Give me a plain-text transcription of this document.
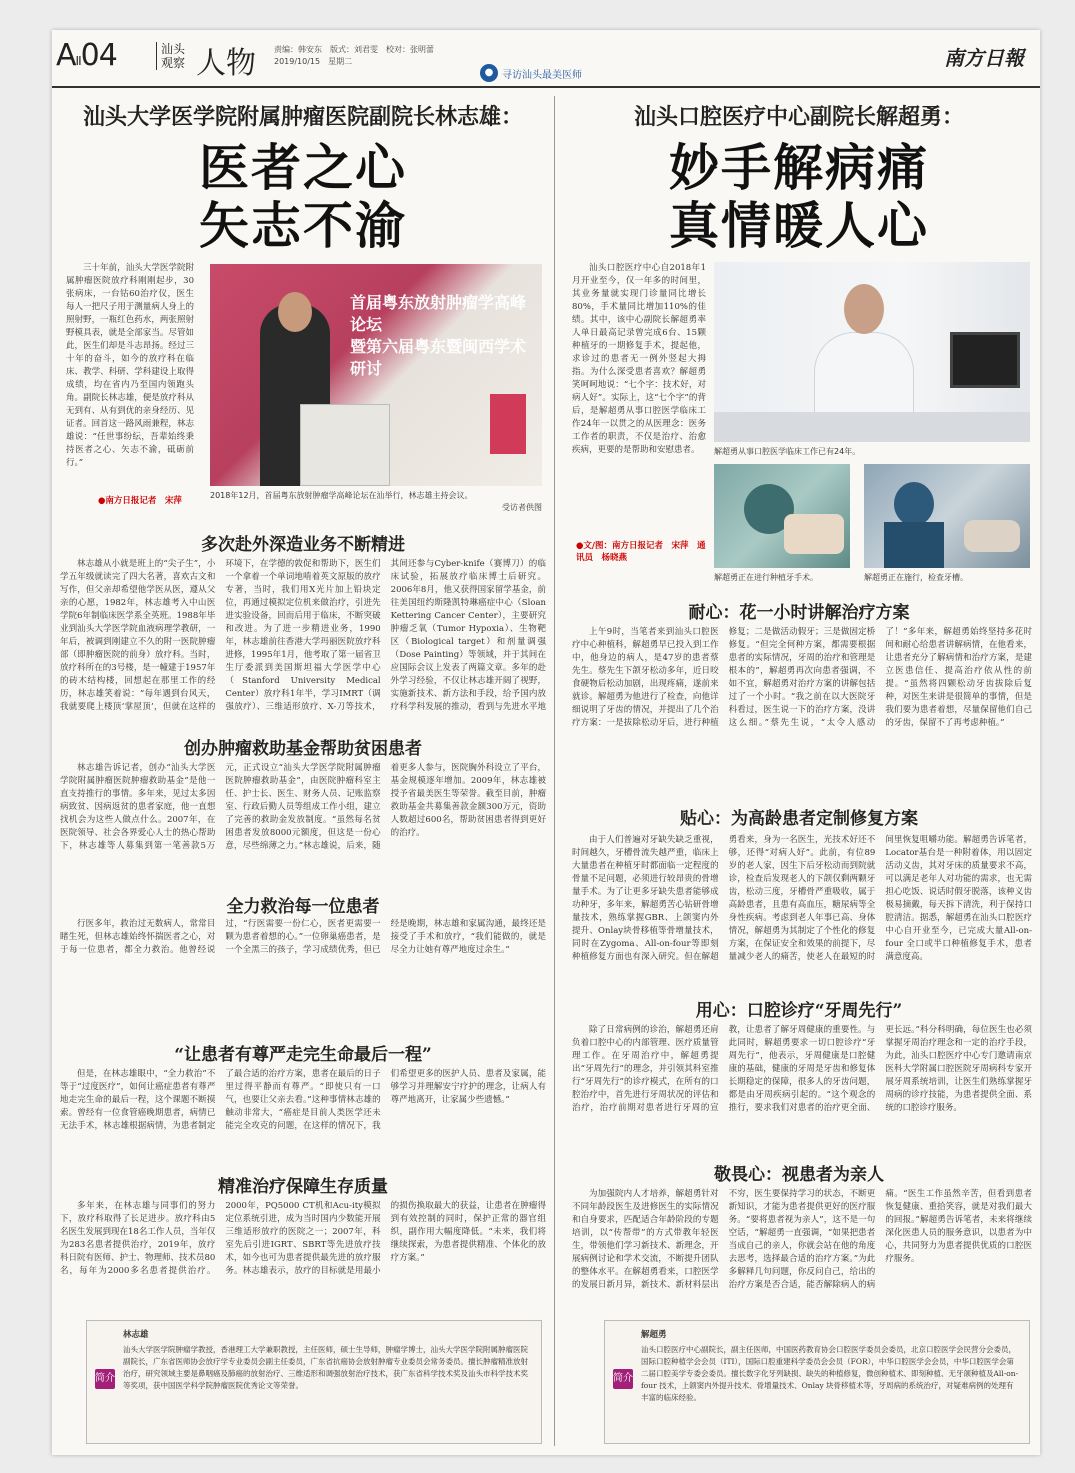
AII04	汕头观察 人物 责编：韩安东　版式：刘君雯　校对：张明蕾
2019/10/15　星期二
● 寻访汕头最美医师
南方日報
汕头大学医学院附属肿瘤医院副院长林志雄：
医者之心
矢志不渝

三十年前，汕头大学医学院附属肿瘤医院放疗科刚刚起步，30张病床，一台钴60治疗仪，医生每人一把尺子用于测量病人身上的照射野，一瓶红色药水，两张照射野模具表，就是全部家当。尽管如此，医生们却是斗志昂扬。经过三十年的奋斗，如今的放疗科在临床、教学、科研、学科建设上取得成绩，均在省内乃至国内领跑头角。副院长林志雄，便是放疗科从无到有、从有到优的亲身经历、见证者。回首这一路风雨兼程，林志雄说：“任世事纷纭，吾辈始终秉持医者之心、矢志不渝，砥砺前行。”

●南方日报记者　宋萍
首届粤东放射肿瘤学高峰论坛
暨第六届粤东暨闽西学术研讨
2018年12月，首届粤东放射肿瘤学高峰论坛在汕举行，林志雄主持会议。
受访者供图
多次赴外深造业务不断精进

林志雄从小就是班上的“尖子生”，小学五年级就读完了四大名著，喜欢古文和写作，但父亲却希望他学医从医，遵从父亲的心愿，1982年，林志雄考入中山医学院6年制临床医学系全英班。1988年毕业到汕头大学医学院血液病理学教研，一年后，被调到刚建立不久的附一医院肿瘤部（即肿瘤医院的前身）放疗科。当时，放疗科所在的3号楼，是一幢建于1957年的砖木结构楼，回想起在那里工作的经历，林志雄笑着说：“每年遇到台风天，我就要爬上楼顶‘掌屋顶’，但就在这样的环境下，在学德的敦促和帮助下，医生们一个拿着一个单词地啃着英文原版的放疗专著，当时，我们用X光片加上铅块定位，再通过模拟定位机来做治疗，引进先进实验设备，回而后用于临床，不断突破和改进。为了进一步精进业务，1990年，林志雄前往香港大学玛丽医院放疗科进修，1995年1月，他考取了第一届省卫生厅委派到美国斯坦福大学医学中心（Stanford University Medical Center）放疗科1年半，学习IMRT（调强放疗）、三维适形放疗、X-刀等技术，其间还参与Cyber-knife（赛博刀）的临床试验，拓展放疗临床博士后研究。2006年8月，他又获得国家留学基金，前往美国纽约斯隆凯特琳癌症中心（Sloan Kettering Cancer Center），主要研究肿瘤乏氧（Tumor Hypoxia）、生物靶区（Biological target）和剂量调强（Dose Painting）等领域，并于其间在应国际会议上发表了两篇文章。多年的赴外学习经验，不仅让林志雄开阔了视野，实施新技术、新方法和手段，给予国内放疗科学科发展的推动，看到与先进水平地

创办肿瘤救助基金帮助贫困患者

林志雄告诉记者，创办“汕头大学医学院附属肿瘤医院肿瘤救助基金”是他一直支持推行的事情。多年来，见过太多因病致贫、因病返贫的患者家庭，他一直想找机会为这些人做点什么。2007年，在医院领导、社会各界爱心人士的热心帮助下，林志雄等人募集到第一笔善款5万元，正式设立“汕头大学医学院附属肿瘤医院肿瘤救助基金”，由医院肿瘤科室主任、护士长、医生、财务人员、记账监察室、行政后勤人员等组成工作小组，建立了完善的救助金发放制度。“虽然每名贫困患者发放8000元额度，但这是一份心意，尽些绵薄之力。”林志雄说，后来，随着更多人参与，医院胸外科设立了平台，基金规模逐年增加。2009年，林志雄被授予省最美医生等荣誉。截至目前，肿瘤救助基金共募集善款金额300万元，资助人数超过600名，帮助贫困患者得到更好的治疗。

全力救治每一位患者

行医多年，救治过无数病人，常常目睹生死，但林志雄始终怀揣医者之心，对于每一位患者，都全力救治。他曾经说过，“行医需要一份仁心，医者更需要一颗为患者着想的心。”一位卵巢癌患者，是一个全黑三的孩子，学习成绩优秀，但已经是晚期，林志雄和家属沟通，最终还是接受了手术和放疗，“我们能做的，就是尽全力让她有尊严地度过余生。”

“让患者有尊严走完生命最后一程”

但是，在林志雄眼中，“全力救治”不等于“过度医疗”，如何让癌症患者有尊严地走完生命的最后一程，这个课题不断摸索。曾经有一位食管癌晚期患者，病情已无法手术，林志雄根据病情，为患者制定了最合适的治疗方案，患者在最后的日子里过得平静而有尊严。“即使只有一口气，也要让父亲去看。”这种事情林志雄的触动非常大，“癌症是目前人类医学还未能完全攻克的问题，在这样的情况下，我们希望更多的医护人员、患者及家属，能够学习并理解安宁疗护的理念，让病人有尊严地离开，让家属少些遗憾。”

精准治疗保障生存质量

多年来，在林志雄与同事们的努力下，放疗科取得了长足进步。放疗科由5名医生发展到现在18名工作人员，当年仅为283名患者提供治疗，2019年，放疗科日院有医师、护士、物理师、技术员80名，每年为2000多名患者提供治疗。2000年，PQ5000 CT机和Acu-ity模拟定位系统引进，成为当时国内少数能开展三维适形放疗的医院之一；2007年，科室先后引进IGRT、SBRT等先进放疗技术，如今也可为患者提供最先进的放疗服务。林志雄表示，放疗的目标就是用最小的损伤换取最大的获益，让患者在肿瘤得到有效控制的同时，保护正常的器官组织，副作用大幅度降低。“未来，我们将继续探索，为患者提供精准、个体化的放疗方案。”

简介
林志雄
汕头大学医学院肿瘤学教授，香港理工大学兼职教授，主任医师，硕士生导师，肿瘤学博士，汕头大学医学院附属肿瘤医院副院长，广东省医师协会放疗学专业委员会副主任委员，广东省抗癌协会放射肿瘤专业委员会常务委员。擅长肿瘤精准放射治疗，研究领域主要是鼻咽癌及肺癌的放射治疗、三维适形和调强放射治疗技术，获广东省科学技术奖及汕头市科学技术奖等奖项，获中国医学科学院肿瘤医院优秀论文等荣誉。
汕头口腔医疗中心副院长解超勇：
妙手解病痛
真情暖人心

汕头口腔医疗中心自2018年1月开业至今，仅一年多的时间里，其业务量就实现门诊量同比增长80%，手术量同比增加110%的佳绩。其中，该中心副院长解超勇率人单日最高记录曾完成6台、15颗种植牙的一期修复手术，提起他，求诊过的患者无一例外竖起大拇指。为什么深受患者喜欢？解超勇笑呵呵地说：“七个字：技术好，对病人好”。实际上，这“七个字”的背后，是解超勇从事口腔医学临床工作24年一以贯之的从医理念：医务工作者的职责，不仅是治疗、治愈疾病，更要的是帮助和安慰患者。

●文/图：南方日报记者　宋萍　通讯员　杨晓燕
解超勇从事口腔医学临床工作已有24年。
解超勇正在进行种植牙手术。	解超勇正在施行，检查牙槽。
耐心：花一小时讲解治疗方案

上午9时，当笔者来到汕头口腔医疗中心种植科，解超勇早已投入到工作中，他身边的病人，是47岁的患者蔡先生。蔡先生下颌牙松动多年，近日咬食硬物后松动加剧，出现疼痛，遂前来就诊。解超勇为他进行了检查，向他详细说明了牙齿的情况，并提出了几个治疗方案：一是拔除松动牙后，进行种植修复；二是做活动假牙；三是做固定桥修复。“但完全何种方案，都需要根据患者的实际情况，牙周的治疗和管理是根本的”，解超勇再次向患者强调，不如不宜，解超勇对治疗方案的讲解包括过了一个小时。“我之前在以大医院牙科看过，医生说一下的治疗方案，没讲这么细。”蔡先生说，“太令人感动了！”多年来，解超勇始终坚持多花时间和耐心给患者讲解病情，在他看来，让患者充分了解病情和治疗方案，是建立医患信任、提高治疗依从性的前提。“虽然将四颗松动牙齿拔除后复种，对医生来讲是很简单的事情，但是我们要为患者着想，尽量保留他们自己的牙齿，保留不了再考虑种植。”

贴心：为高龄患者定制修复方案

由于人们普遍对牙缺失缺乏重视，时间越久，牙槽骨流失越严重，临床上大量患者在种植牙时都面临一定程度的骨量不足问题，必须进行较昂贵的骨增量手术。为了让更多牙缺失患者能够成功种牙，多年来，解超勇苦心钻研骨增量技术，熟练掌握GBR、上颌窦内外提升、Onlay块骨移植等骨增量技术，同时在Zygoma、All-on-four等即刻种植修复方面也有深入研究。但在解超勇看来，身为一名医生，光技术好还不够，还得“对病人好”。此前，有位89岁的老人家，因生下后牙松动而到院就诊，检查后发现老人的下颌仅剩两颗牙齿，松动三度，牙槽骨严重吸收，属于高龄患者，且患有高血压，糖尿病等全身性疾病。考虑到老人年事已高、身体情况，解超勇为其制定了个性化的修复方案，在保证安全和效果的前提下，尽量减少老人的痛苦，使老人在最短的时间里恢复咀嚼功能。解超勇告诉笔者，Locator基台是一种附着体，用以固定活动义齿，其对牙床的质量要求不高，可以满足老年人对功能的需求，也无需担心吃饭、说话时假牙脱落，该种义齿极易摘戴，每天拆下清洗，利于保持口腔清洁。据悉，解超勇在汕头口腔医疗中心自开业至今，已完成大量All-on-four 全口或半口种植修复手术，患者满意度高。

用心：口腔诊疗“牙周先行”

除了日常病例的诊治，解超勇还肩负着口腔中心的内部管理、医疗质量管理工作。在牙周治疗中，解超勇提出“牙周先行”的理念，并引领其科室推行“牙周先行”的诊疗模式，在所有的口腔治疗中，首先进行牙周状况的评估和治疗，治疗前期对患者进行牙周的宣教，让患者了解牙周健康的重要性。与此同时，解超勇要求一切口腔诊疗“牙周先行”，他表示，牙周健康是口腔健康的基础，健康的牙周是牙齿和修复体长期稳定的保障，很多人的牙齿问题，都是由牙周疾病引起的。“这个观念的推行，要求我们对患者的治疗更全面、更长远。”科分科明确，每位医生也必须掌握牙周治疗理念和一定的治疗手段，为此，汕头口腔医疗中心专门邀请南京医科大学附属口腔医院牙周病科专家开展牙周系统培训，让医生们熟练掌握牙周病的诊疗技能，为患者提供全面、系统的口腔诊疗服务。

敬畏心：视患者为亲人

为加强院内人才培养，解超勇针对不同年龄段医生及进修医生的实际情况和自身要求，匹配适合年龄阶段的专题培训，以“传帮带”的方式带教年轻医生，带领他们学习新技术、新理念，开展病例讨论和学术交流，不断提升团队的整体水平。在解超勇看来，口腔医学的发展日新月异，新技术、新材料层出不穷，医生要保持学习的状态，不断更新知识，才能为患者提供更好的医疗服务。“要将患者视为亲人”，这不是一句空话，“解超勇一直强调，“如果把患者当成自己的亲人，你就会站在他的角度去思考，选择最合适的治疗方案。”为此多解释几句问题，你反问自己，给出的治疗方案是否合适，能否解除病人的病痛。“医生工作虽然辛苦，但看到患者恢复健康、重拾笑容，就是对我们最大的回报。”解超勇告诉笔者，未来将继续深化医患人员的服务意识，以患者为中心，共同努力为患者提供优质的口腔医疗服务。

简介
解超勇
汕头口腔医疗中心副院长，副主任医师，中国医药教育协会口腔医学委员会委员，北京口腔医学会民营分会委员，国际口腔种植学会会员（ITI），国际口腔重建科学委员会会员（FOR），中华口腔医学会会员，中华口腔医学会第二届口腔美学专委会委员。擅长数字化牙列缺损、缺失的种植修复，微创种植术、即刻种植、无牙颌种植及All-on-four 技术，上颌窦内外提升技术、骨增量技术、Onlay 块骨移植术等，牙周病的系统治疗，对疑难病例的处理有丰富的临床经验。
